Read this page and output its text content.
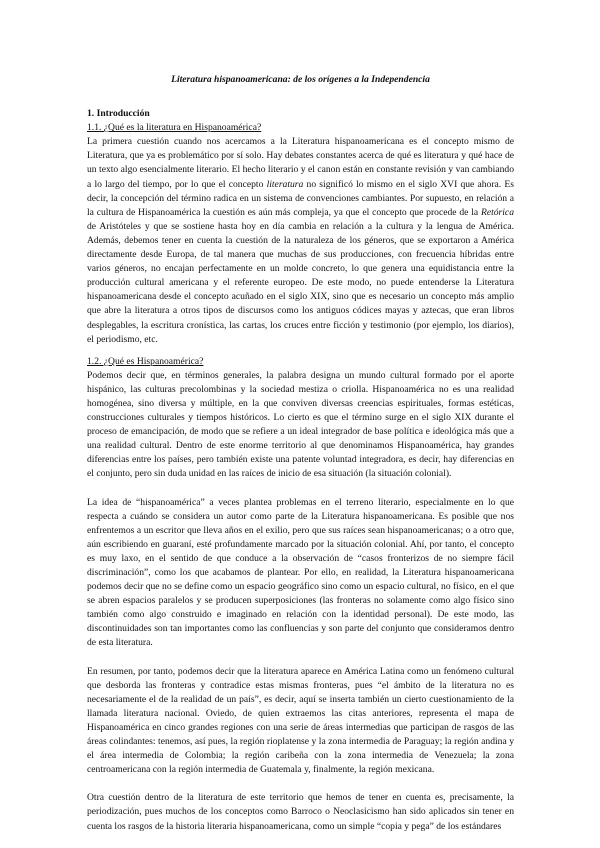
Literatura hispanoamericana: de los orígenes a la Independencia
1. Introducción
1.1. ¿Qué es la literatura en Hispanoamérica?

La primera cuestión cuando nos acercamos a la Literatura hispanoamericana es el concepto mismo de Literatura, que ya es problemático por sí solo. Hay debates constantes acerca de qué es literatura y qué hace de un texto algo esencialmente literario. El hecho literario y el canon están en constante revisión y van cambiando a lo largo del tiempo, por lo que el concepto literatura no significó lo mismo en el siglo XVI que ahora. Es decir, la concepción del término radica en un sistema de convenciones cambiantes. Por supuesto, en relación a la cultura de Hispanoamérica la cuestión es aún más compleja, ya que el concepto que procede de la Retórica de Aristóteles y que se sostiene hasta hoy en día cambia en relación a la cultura y la lengua de América. Además, debemos tener en cuenta la cuestión de la naturaleza de los géneros, que se exportaron a América directamente desde Europa, de tal manera que muchas de sus producciones, con frecuencia híbridas entre varios géneros, no encajan perfectamente en un molde concreto, lo que genera una equidistancia entre la producción cultural americana y el referente europeo. De este modo, no puede entenderse la Literatura hispanoamericana desde el concepto acuñado en el siglo XIX, sino que es necesario un concepto más amplio que abre la literatura a otros tipos de discursos como los antiguos códices mayas y aztecas, que eran libros desplegables, la escritura cronística, las cartas, los cruces entre ficción y testimonio (por ejemplo, los diarios), el periodismo, etc.

1.2. ¿Qué es Hispanoamérica?

Podemos decir que, en términos generales, la palabra designa un mundo cultural formado por el aporte hispánico, las culturas precolombinas y la sociedad mestiza o criolla. Hispanoamérica no es una realidad homogénea, sino diversa y múltiple, en la que conviven diversas creencias espirituales, formas estéticas, construcciones culturales y tiempos históricos. Lo cierto es que el término surge en el siglo XIX durante el proceso de emancipación, de modo que se refiere a un ideal integrador de base política e ideológica más que a una realidad cultural. Dentro de este enorme territorio al que denominamos Hispanoamérica, hay grandes diferencias entre los países, pero también existe una patente voluntad integradora, es decir, hay diferencias en el conjunto, pero sin duda unidad en las raíces de inicio de esa situación (la situación colonial).

La idea de “hispanoamérica” a veces plantea problemas en el terreno literario, especialmente en lo que respecta a cuándo se considera un autor como parte de la Literatura hispanoamericana. Es posible que nos enfrentemos a un escritor que lleva años en el exilio, pero que sus raíces sean hispanoamericanas; o a otro que, aún escribiendo en guaraní, esté profundamente marcado por la situación colonial. Ahí, por tanto, el concepto es muy laxo, en el sentido de que conduce a la observación de “casos fronterizos de no siempre fácil discriminación”, como los que acabamos de plantear. Por ello, en realidad, la Literatura hispanoamericana podemos decir que no se define como un espacio geográfico sino como un espacio cultural, no físico, en el que se abren espacios paralelos y se producen superposiciones (las fronteras no solamente como algo físico sino también como algo construido e imaginado en relación con la identidad personal). De este modo, las discontinuidades son tan importantes como las confluencias y son parte del conjunto que consideramos dentro de esta literatura.

En resumen, por tanto, podemos decir que la literatura aparece en América Latina como un fenómeno cultural que desborda las fronteras y contradice estas mismas fronteras, pues “el ámbito de la literatura no es necesariamente el de la realidad de un país”, es decir, aquí se inserta también un cierto cuestionamiento de la llamada literatura nacional. Oviedo, de quien extraemos las citas anteriores, representa el mapa de Hispanoamérica en cinco grandes regiones con una serie de áreas intermedias que participan de rasgos de las áreas colindantes: tenemos, así pues, la región rioplatense y la zona intermedia de Paraguay; la región andina y el área intermedia de Colombia; la región caribeña con la zona intermedia de Venezuela; la zona centroamericana con la región intermedia de Guatemala y, finalmente, la región mexicana.

Otra cuestión dentro de la literatura de este territorio que hemos de tener en cuenta es, precisamente, la periodización, pues muchos de los conceptos como Barroco o Neoclasicismo han sido aplicados sin tener en cuenta los rasgos de la historia literaria hispanoamericana, como un simple “copia y pega” de los estándares
